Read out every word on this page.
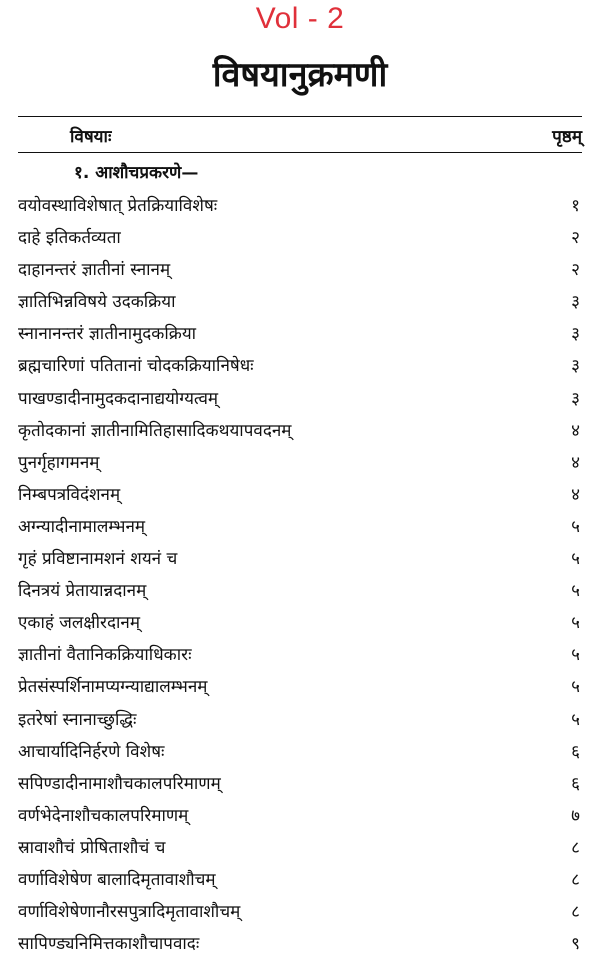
Vol - 2
विषयानुक्रमणी
विषयाः	पृष्ठम्
१. आशौचप्रकरणे—
वयोवस्थाविशेषात् प्रेतक्रियाविशेषः	१
दाहे इतिकर्तव्यता	२
दाहानन्तरं ज्ञातीनां स्नानम्	२
ज्ञातिभिन्नविषये उदकक्रिया	३
स्नानानन्तरं ज्ञातीनामुदकक्रिया	३
ब्रह्मचारिणां पतितानां चोदकक्रियानिषेधः	३
पाखण्डादीनामुदकदानाद्ययोग्यत्वम्	३
कृतोदकानां ज्ञातीनामितिहासादिकथयापवदनम्	४
पुनर्गृहागमनम्	४
निम्बपत्रविदंशनम्	४
अग्न्यादीनामालम्भनम्	५
गृहं प्रविष्टानामशनं शयनं च	५
दिनत्रयं प्रेतायान्नदानम्	५
एकाहं जलक्षीरदानम्	५
ज्ञातीनां वैतानिकक्रियाधिकारः	५
प्रेतसंस्पर्शिनामप्यग्न्याद्यालम्भनम्	५
इतरेषां स्नानाच्छुद्धिः	५
आचार्यादिनिर्हरणे विशेषः	६
सपिण्डादीनामाशौचकालपरिमाणम्	६
वर्णभेदेनाशौचकालपरिमाणम्	७
स्रावाशौचं प्रोषिताशौचं च	८
वर्णाविशेषेण बालादिमृतावाशौचम्	८
वर्णाविशेषेणानौरसपुत्रादिमृतावाशौचम्	८
सापिण्ड्यनिमित्तकाशौचापवादः	९
